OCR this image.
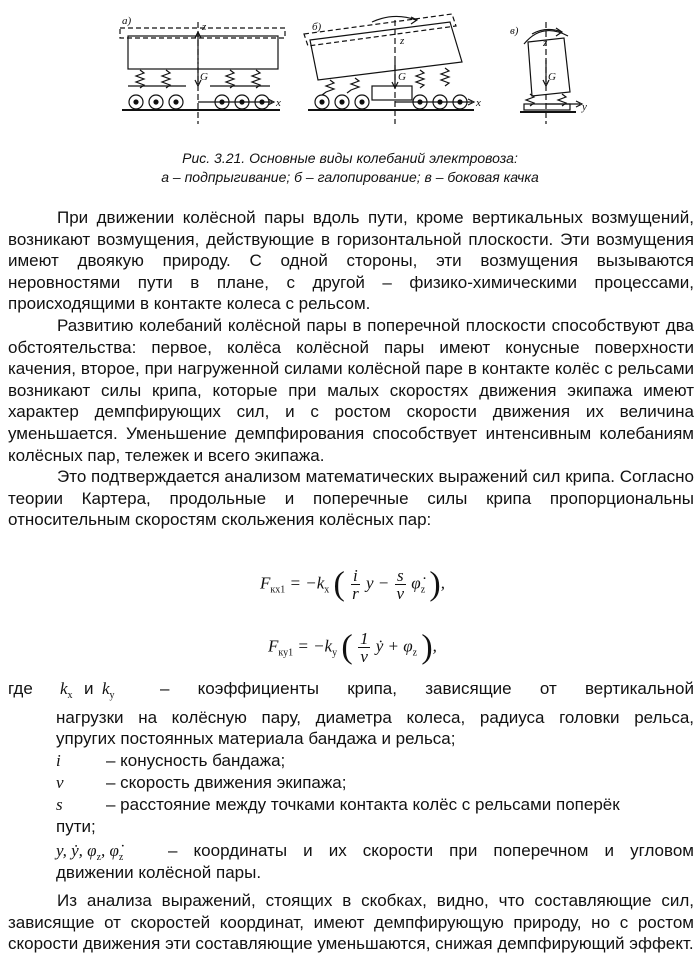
а)	z
G
x
б)
z
G
x
в)
z
G
y
Рис. 3.21. Основные виды колебаний электровоза:
а – подпрыгивание; б – галопирование; в – боковая качка

При движении колёсной пары вдоль пути, кроме вертикальных возмущений, возникают возмущения, действующие в горизонтальной плоскости. Эти возмущения имеют двоякую природу. С одной стороны, эти возмущения вызываются неровностями пути в плане, с другой – физико-химическими процессами, происходящими в контакте колеса с рельсом.

Развитию колебаний колёсной пары в поперечной плоскости способствуют два обстоятельства: первое, колёса колёсной пары имеют конусные поверхности качения, второе, при нагруженной силами колёсной паре в контакте колёс с рельсами возникают силы крипа, которые при малых скоростях движения экипажа имеют характер демпфирующих сил, и с ростом скорости движения их величина уменьшается. Уменьшение демпфирования способствует интенсивным колебаниям колёсных пар, тележек и всего экипажа.

Это подтверждается анализом математических выражений сил крипа. Согласно теории Картера, продольные и поперечные силы крипа пропорциональны относительным скоростям скольжения колёсных пар:

$F_{кх1} = -k_x$ ( $\frac{i}{r}$ $y - \frac{s}{v}$ $\varphi̇_z$ ),
$F_{ку1} = -k_y$ ( $\frac{1}{v}$ ẏ + $\varphi_z$ ),
где $k_x$ и $k_y$	– коэффициенты крипа, зависящие от вертикальной
нагрузки на колёсную пару, диаметра колеса, радиуса головки рельса,
упругих постоянных материала бандажа и рельса;
i	– конусность бандажа;
v – скорость движения экипажа;
s	– расстояние между точками контакта колёс с рельсами поперёк
пути;
y, ẏ, $\varphi_z$, $\varphi̇_z$	– координаты и их скорости при поперечном и угловом
движении колёсной пары.

Из анализа выражений, стоящих в скобках, видно, что составляющие сил, зависящие от скоростей координат, имеют демпфирующую природу, но с ростом скорости движения эти составляющие уменьшаются, снижая демпфирующий эффект.
